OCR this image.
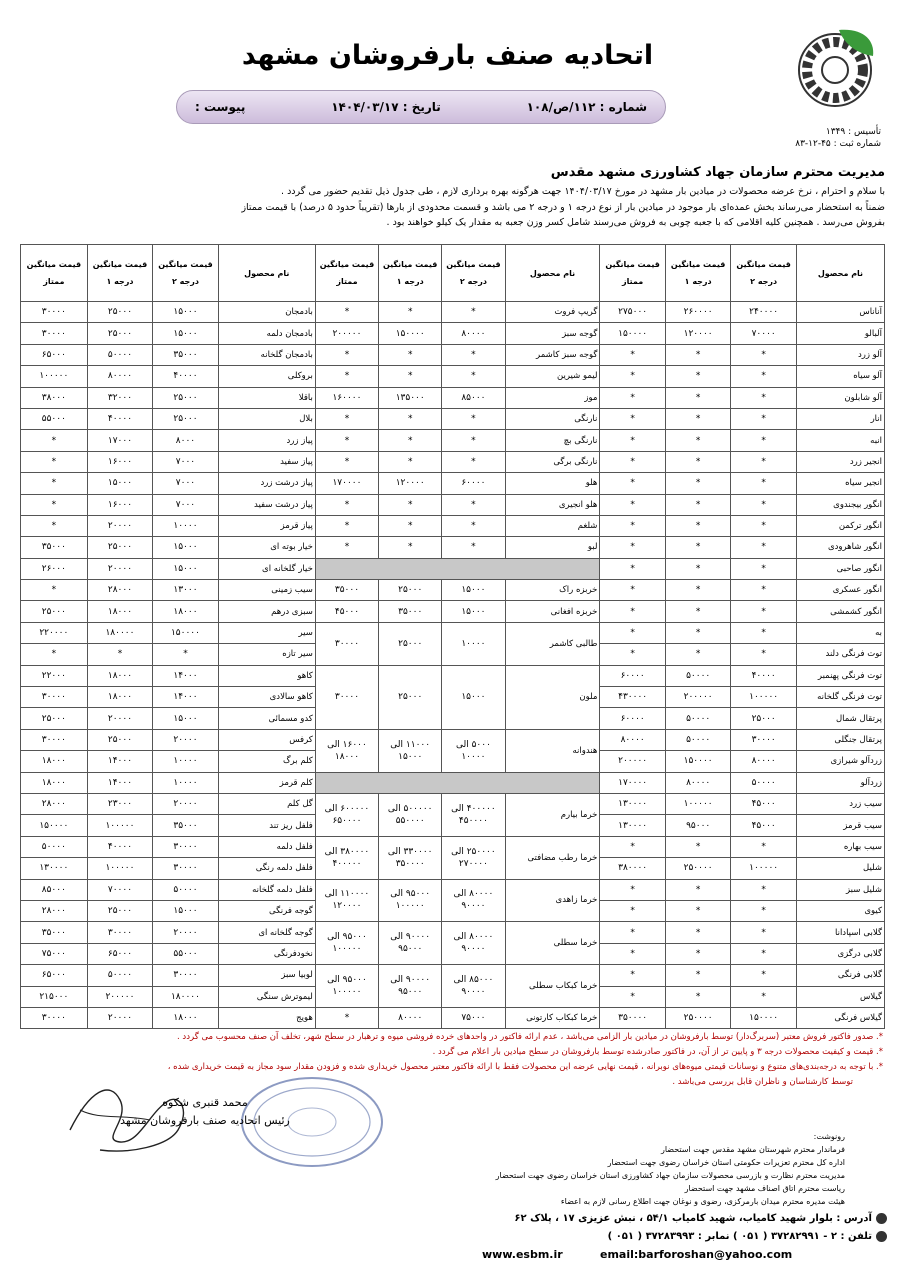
تأسیس : ۱۳۴۹
شماره ثبت : ۴۵-۱۲-۸۳
اتحادیه صنف بارفروشان مشهد
شماره : ۱۱۲/ص/۱۰۸
تاریخ : ۱۴۰۴/۰۳/۱۷
پیوست :
مدیریت محترم سازمان جهاد کشاورزی مشهد مقدس
با سلام و احترام ، نرخ عرضه محصولات در میادین بار مشهد در مورخ ۱۴۰۴/۰۳/۱۷ جهت هرگونه بهره برداری لازم ، طی جدول ذیل تقدیم حضور می گردد .
ضمناً به استحضار می‌رساند بخش عمده‌ای بار موجود در میادین بار از نوع درجه ۱ و درجه ۲ می باشد و قسمت محدودی از بارها (تقریباً حدود ۵ درصد) با قیمت ممتاز
بفروش می‌رسد . همچنین کلیه اقلامی که با جعبه چوبی به فروش می‌رسند شامل کسر وزن جعبه به مقدار یک کیلو خواهند بود .
نام محصول	قیمت میانگین درجه ۲	قیمت میانگین درجه ۱	قیمت میانگین ممتاز	نام محصول	قیمت میانگین درجه ۲	قیمت میانگین درجه ۱	قیمت میانگین ممتاز	نام محصول	قیمت میانگین درجه ۲	قیمت میانگین درجه ۱	قیمت میانگین ممتاز
آناناس	۲۴۰۰۰۰	۲۶۰۰۰۰	۲۷۵۰۰۰	گریپ فروت	*	*	*	بادمجان	۱۵۰۰۰	۲۵۰۰۰	۳۰۰۰۰
آلبالو	۷۰۰۰۰	۱۲۰۰۰۰	۱۵۰۰۰۰	گوجه سبز	۸۰۰۰۰	۱۵۰۰۰۰	۲۰۰۰۰۰	بادمجان دلمه	۱۵۰۰۰	۲۵۰۰۰	۳۰۰۰۰
آلو زرد	*	*	*	گوجه سبز کاشمر	*	*	*	بادمجان گلخانه	۳۵۰۰۰	۵۰۰۰۰	۶۵۰۰۰
آلو سیاه	*	*	*	لیمو شیرین	*	*	*	بروکلی	۴۰۰۰۰	۸۰۰۰۰	۱۰۰۰۰۰
آلو شابلون	*	*	*	موز	۸۵۰۰۰	۱۳۵۰۰۰	۱۶۰۰۰۰	باقلا	۲۵۰۰۰	۳۲۰۰۰	۳۸۰۰۰
انار	*	*	*	نارنگی	*	*	*	بلال	۲۵۰۰۰	۴۰۰۰۰	۵۵۰۰۰
انبه	*	*	*	نارنگی بچ	*	*	*	پیاز زرد	۸۰۰۰	۱۷۰۰۰	*
انجیر زرد	*	*	*	نارنگی برگی	*	*	*	پیاز سفید	۷۰۰۰	۱۶۰۰۰	*
انجیر سیاه	*	*	*	هلو	۶۰۰۰۰	۱۲۰۰۰۰	۱۷۰۰۰۰	پیاز درشت زرد	۷۰۰۰	۱۵۰۰۰	*
انگور بیجندوی	*	*	*	هلو انجیری	*	*	*	پیاز درشت سفید	۷۰۰۰	۱۶۰۰۰	*
انگور ترکمن	*	*	*	شلغم	*	*	*	پیاز قرمز	۱۰۰۰۰	۲۰۰۰۰	*
انگور شاهرودی	*	*	*	لبو	*	*	*	خیار بوته ای	۱۵۰۰۰	۲۵۰۰۰	۳۵۰۰۰
انگور صاحبی	*	*	*					خیار گلخانه ای	۱۵۰۰۰	۲۰۰۰۰	۲۶۰۰۰
انگور عسکری	*	*	*	خربزه راک	۱۵۰۰۰	۲۵۰۰۰	۳۵۰۰۰	سیب زمینی	۱۳۰۰۰	۲۸۰۰۰	*
انگور کشمشی	*	*	*	خربزه افغانی	۱۵۰۰۰	۳۵۰۰۰	۴۵۰۰۰	سبزی درهم	۱۸۰۰۰	۱۸۰۰۰	۲۵۰۰۰
به	*	*	*	طالبی کاشمر	۱۰۰۰۰	۲۵۰۰۰	۳۰۰۰۰	سیر	۱۵۰۰۰۰	۱۸۰۰۰۰	۲۲۰۰۰۰
توت فرنگی دلند	*	*	*					سیر تازه	*	*	*
توت فرنگی پهنمبر	۴۰۰۰۰	۵۰۰۰۰	۶۰۰۰۰	ملون	۱۵۰۰۰	۲۵۰۰۰	۳۰۰۰۰	کاهو	۱۴۰۰۰	۱۸۰۰۰	۲۲۰۰۰
توت فرنگی گلخانه	۱۰۰۰۰۰	۲۰۰۰۰۰	۴۳۰۰۰۰					کاهو سالادی	۱۴۰۰۰	۱۸۰۰۰	۳۰۰۰۰
پرتقال شمال	۲۵۰۰۰	۵۰۰۰۰	۶۰۰۰۰					کدو مسمائی	۱۵۰۰۰	۲۰۰۰۰	۲۵۰۰۰
پرتقال جنگلی	۳۰۰۰۰	۵۰۰۰۰	۸۰۰۰۰	هندوانه	۵۰۰۰ الی ۱۰۰۰۰	۱۱۰۰۰ الی ۱۵۰۰۰	۱۶۰۰۰ الی ۱۸۰۰۰	کرفس	۲۰۰۰۰	۲۵۰۰۰	۳۰۰۰۰
زردآلو شیرازی	۸۰۰۰۰	۱۵۰۰۰۰	۲۰۰۰۰۰					کلم برگ	۱۰۰۰۰	۱۴۰۰۰	۱۸۰۰۰
زردآلو	۵۰۰۰۰	۸۰۰۰۰	۱۷۰۰۰۰					کلم قرمز	۱۰۰۰۰	۱۴۰۰۰	۱۸۰۰۰
سیب زرد	۴۵۰۰۰	۱۰۰۰۰۰	۱۳۰۰۰۰	خرما بیارم	۴۰۰۰۰۰ الی ۴۵۰۰۰۰	۵۰۰۰۰۰ الی ۵۵۰۰۰۰	۶۰۰۰۰۰ الی ۶۵۰۰۰۰	گل کلم	۲۰۰۰۰	۲۳۰۰۰	۲۸۰۰۰
سیب قرمز	۴۵۰۰۰	۹۵۰۰۰	۱۳۰۰۰۰					فلفل ریز تند	۳۵۰۰۰	۱۰۰۰۰۰	۱۵۰۰۰۰
سیب بهاره	*	*	*	خرما رطب مضافتی	۲۵۰۰۰۰ الی ۲۷۰۰۰۰	۳۳۰۰۰۰ الی ۳۵۰۰۰۰	۳۸۰۰۰۰ الی ۴۰۰۰۰۰	فلفل دلمه	۳۰۰۰۰	۴۰۰۰۰	۵۰۰۰۰
شلیل	۱۰۰۰۰۰	۲۵۰۰۰۰	۳۸۰۰۰۰					فلفل دلمه رنگی	۳۰۰۰۰	۱۰۰۰۰۰	۱۳۰۰۰۰
شلیل سبز	*	*	*	خرما زاهدی	۸۰۰۰۰ الی ۹۰۰۰۰	۹۵۰۰۰ الی ۱۰۰۰۰۰	۱۱۰۰۰۰ الی ۱۲۰۰۰۰	فلفل دلمه گلخانه	۵۰۰۰۰	۷۰۰۰۰	۸۵۰۰۰
کیوی	*	*	*					گوجه فرنگی	۱۵۰۰۰	۲۵۰۰۰	۲۸۰۰۰
گلابی اسپادانا	*	*	*	خرما سطلی	۸۰۰۰۰ الی ۹۰۰۰۰	۹۰۰۰۰ الی ۹۵۰۰۰	۹۵۰۰۰ الی ۱۰۰۰۰۰	گوجه گلخانه ای	۲۰۰۰۰	۳۰۰۰۰	۳۵۰۰۰
گلابی درگزی	*	*	*					نخودفرنگی	۵۵۰۰۰	۶۵۰۰۰	۷۵۰۰۰
گلابی فرنگی	*	*	*	خرما کبکاب سطلی	۸۵۰۰۰ الی ۹۰۰۰۰	۹۰۰۰۰ الی ۹۵۰۰۰	۹۵۰۰۰ الی ۱۰۰۰۰۰	لوبیا سبز	۳۰۰۰۰	۵۰۰۰۰	۶۵۰۰۰
گیلاس	*	*	*					لیموترش سنگی	۱۸۰۰۰۰	۲۰۰۰۰۰	۲۱۵۰۰۰
گیلاس فرنگی	۱۵۰۰۰۰	۲۵۰۰۰۰	۳۵۰۰۰۰	خرما کبکاب کارتونی	۷۵۰۰۰	۸۰۰۰۰	*	هویج	۱۸۰۰۰	۲۰۰۰۰	۳۰۰۰۰
*. صدور فاکتور فروش معتبر (سربرگ‌دار) توسط بارفروشان در میادین بار الزامی می‌باشد ، عدم ارائه فاکتور در واحدهای خرده فروشی میوه و ترهبار در سطح شهر، تخلف آن صنف محسوب می گردد .
*. قیمت و کیفیت محصولات درجه ۳ و پایین تر از آن، در فاکتور صادرشده توسط بارفروشان در سطح میادین بار اعلام می گردد .
*. با توجه به درجه‌بندی‌های متنوع و نوسانات قیمتی میوه‌های نوبرانه ، قیمت نهایی عرضه این محصولات فقط با ارائه فاکتور معتبر محصول خریداری شده و فزودن مقدار سود مجاز به قیمت خریداری شده ،
توسط کارشناسان و ناظران قابل بررسی می‌باشد .
محمد قنبری شکوه
رئیس اتحادیه صنف بارفروشان مشهد
رونوشت:
فرماندار محترم شهرستان مشهد مقدس جهت استحضار
اداره کل محترم تعزیرات حکومتی استان خراسان رضوی جهت استحضار
مدیریت محترم نظارت و بازرسی محصولات سازمان جهاد کشاورزی استان خراسان رضوی جهت استحضار
ریاست محترم اتاق اصناف مشهد جهت استحضار
هیئت مدیره محترم میدان بارمرکزی، رضوی و نوغان جهت اطلاع رسانی لازم به اعضاء
آدرس : بلوار شهید کامیاب، شهید کامیاب ۵۴/۱ ، نبش عزیزی ۱۷ ، پلاک ۶۲
تلفن : ۲ - ۳۷۲۸۲۹۹۱ ( ۰۵۱ ) نمابر : ۳۷۲۸۳۹۹۳ ( ۰۵۱ )
www.esbm.ir	email:barforoshan@yahoo.com
